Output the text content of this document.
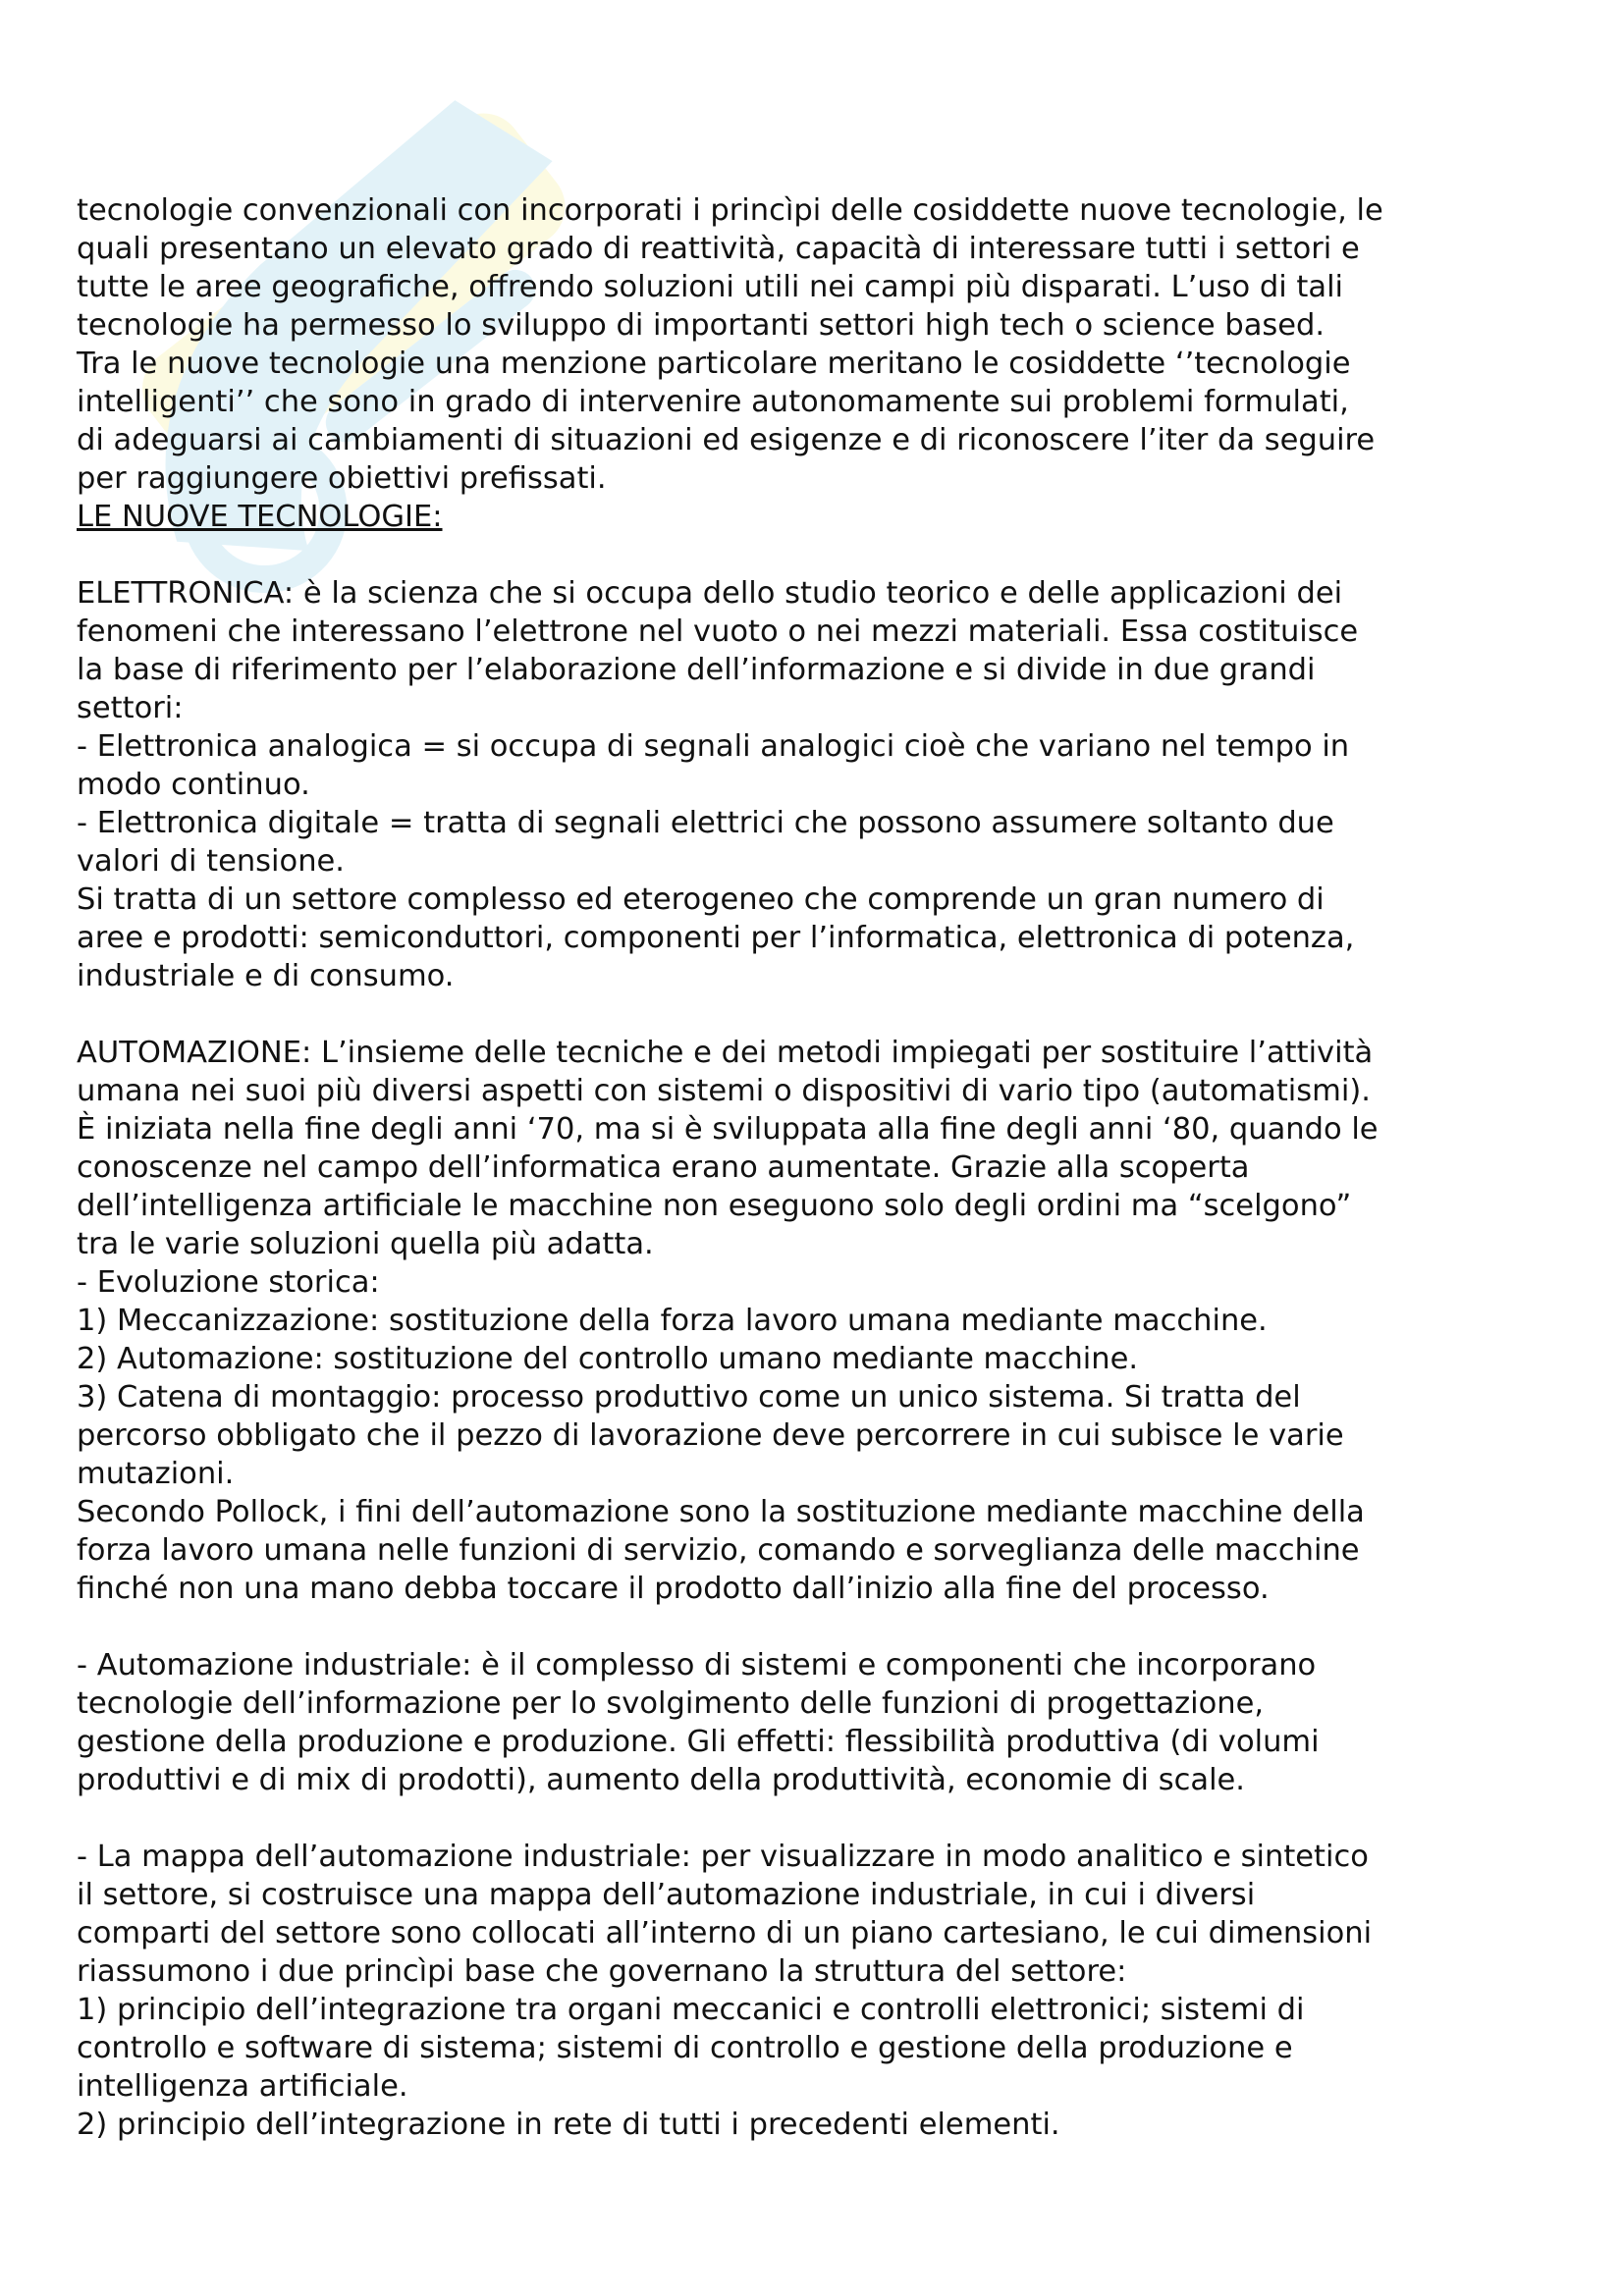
tecnologie convenzionali con incorporati i princìpi delle cosiddette nuove tecnologie, le
quali presentano un elevato grado di reattività, capacità di interessare tutti i settori e
tutte le aree geografiche, offrendo soluzioni utili nei campi più disparati. L’uso di tali
tecnologie ha permesso lo sviluppo di importanti settori high tech o science based.
Tra le nuove tecnologie una menzione particolare meritano le cosiddette ‘’tecnologie
intelligenti’’ che sono in grado di intervenire autonomamente sui problemi formulati,
di adeguarsi ai cambiamenti di situazioni ed esigenze e di riconoscere l’iter da seguire
per raggiungere obiettivi prefissati.
LE NUOVE TECNOLOGIE:
ELETTRONICA: è la scienza che si occupa dello studio teorico e delle applicazioni dei
fenomeni che interessano l’elettrone nel vuoto o nei mezzi materiali. Essa costituisce
la base di riferimento per l’elaborazione dell’informazione e si divide in due grandi
settori:
- Elettronica analogica = si occupa di segnali analogici cioè che variano nel tempo in
modo continuo.
- Elettronica digitale = tratta di segnali elettrici che possono assumere soltanto due
valori di tensione.
Si tratta di un settore complesso ed eterogeneo che comprende un gran numero di
aree e prodotti: semiconduttori, componenti per l’informatica, elettronica di potenza,
industriale e di consumo.
AUTOMAZIONE: L’insieme delle tecniche e dei metodi impiegati per sostituire l’attività
umana nei suoi più diversi aspetti con sistemi o dispositivi di vario tipo (automatismi).
È iniziata nella fine degli anni ‘70, ma si è sviluppata alla fine degli anni ‘80, quando le
conoscenze nel campo dell’informatica erano aumentate. Grazie alla scoperta
dell’intelligenza artificiale le macchine non eseguono solo degli ordini ma “scelgono”
tra le varie soluzioni quella più adatta.
- Evoluzione storica:
1) Meccanizzazione: sostituzione della forza lavoro umana mediante macchine.
2) Automazione: sostituzione del controllo umano mediante macchine.
3) Catena di montaggio: processo produttivo come un unico sistema. Si tratta del
percorso obbligato che il pezzo di lavorazione deve percorrere in cui subisce le varie
mutazioni.
Secondo Pollock, i fini dell’automazione sono la sostituzione mediante macchine della
forza lavoro umana nelle funzioni di servizio, comando e sorveglianza delle macchine
finché non una mano debba toccare il prodotto dall’inizio alla fine del processo.
- Automazione industriale: è il complesso di sistemi e componenti che incorporano
tecnologie dell’informazione per lo svolgimento delle funzioni di progettazione,
gestione della produzione e produzione. Gli effetti: flessibilità produttiva (di volumi
produttivi e di mix di prodotti), aumento della produttività, economie di scale.
- La mappa dell’automazione industriale: per visualizzare in modo analitico e sintetico
il settore, si costruisce una mappa dell’automazione industriale, in cui i diversi
comparti del settore sono collocati all’interno di un piano cartesiano, le cui dimensioni
riassumono i due princìpi base che governano la struttura del settore:
1) principio dell’integrazione tra organi meccanici e controlli elettronici; sistemi di
controllo e software di sistema; sistemi di controllo e gestione della produzione e
intelligenza artificiale.
2) principio dell’integrazione in rete di tutti i precedenti elementi.
